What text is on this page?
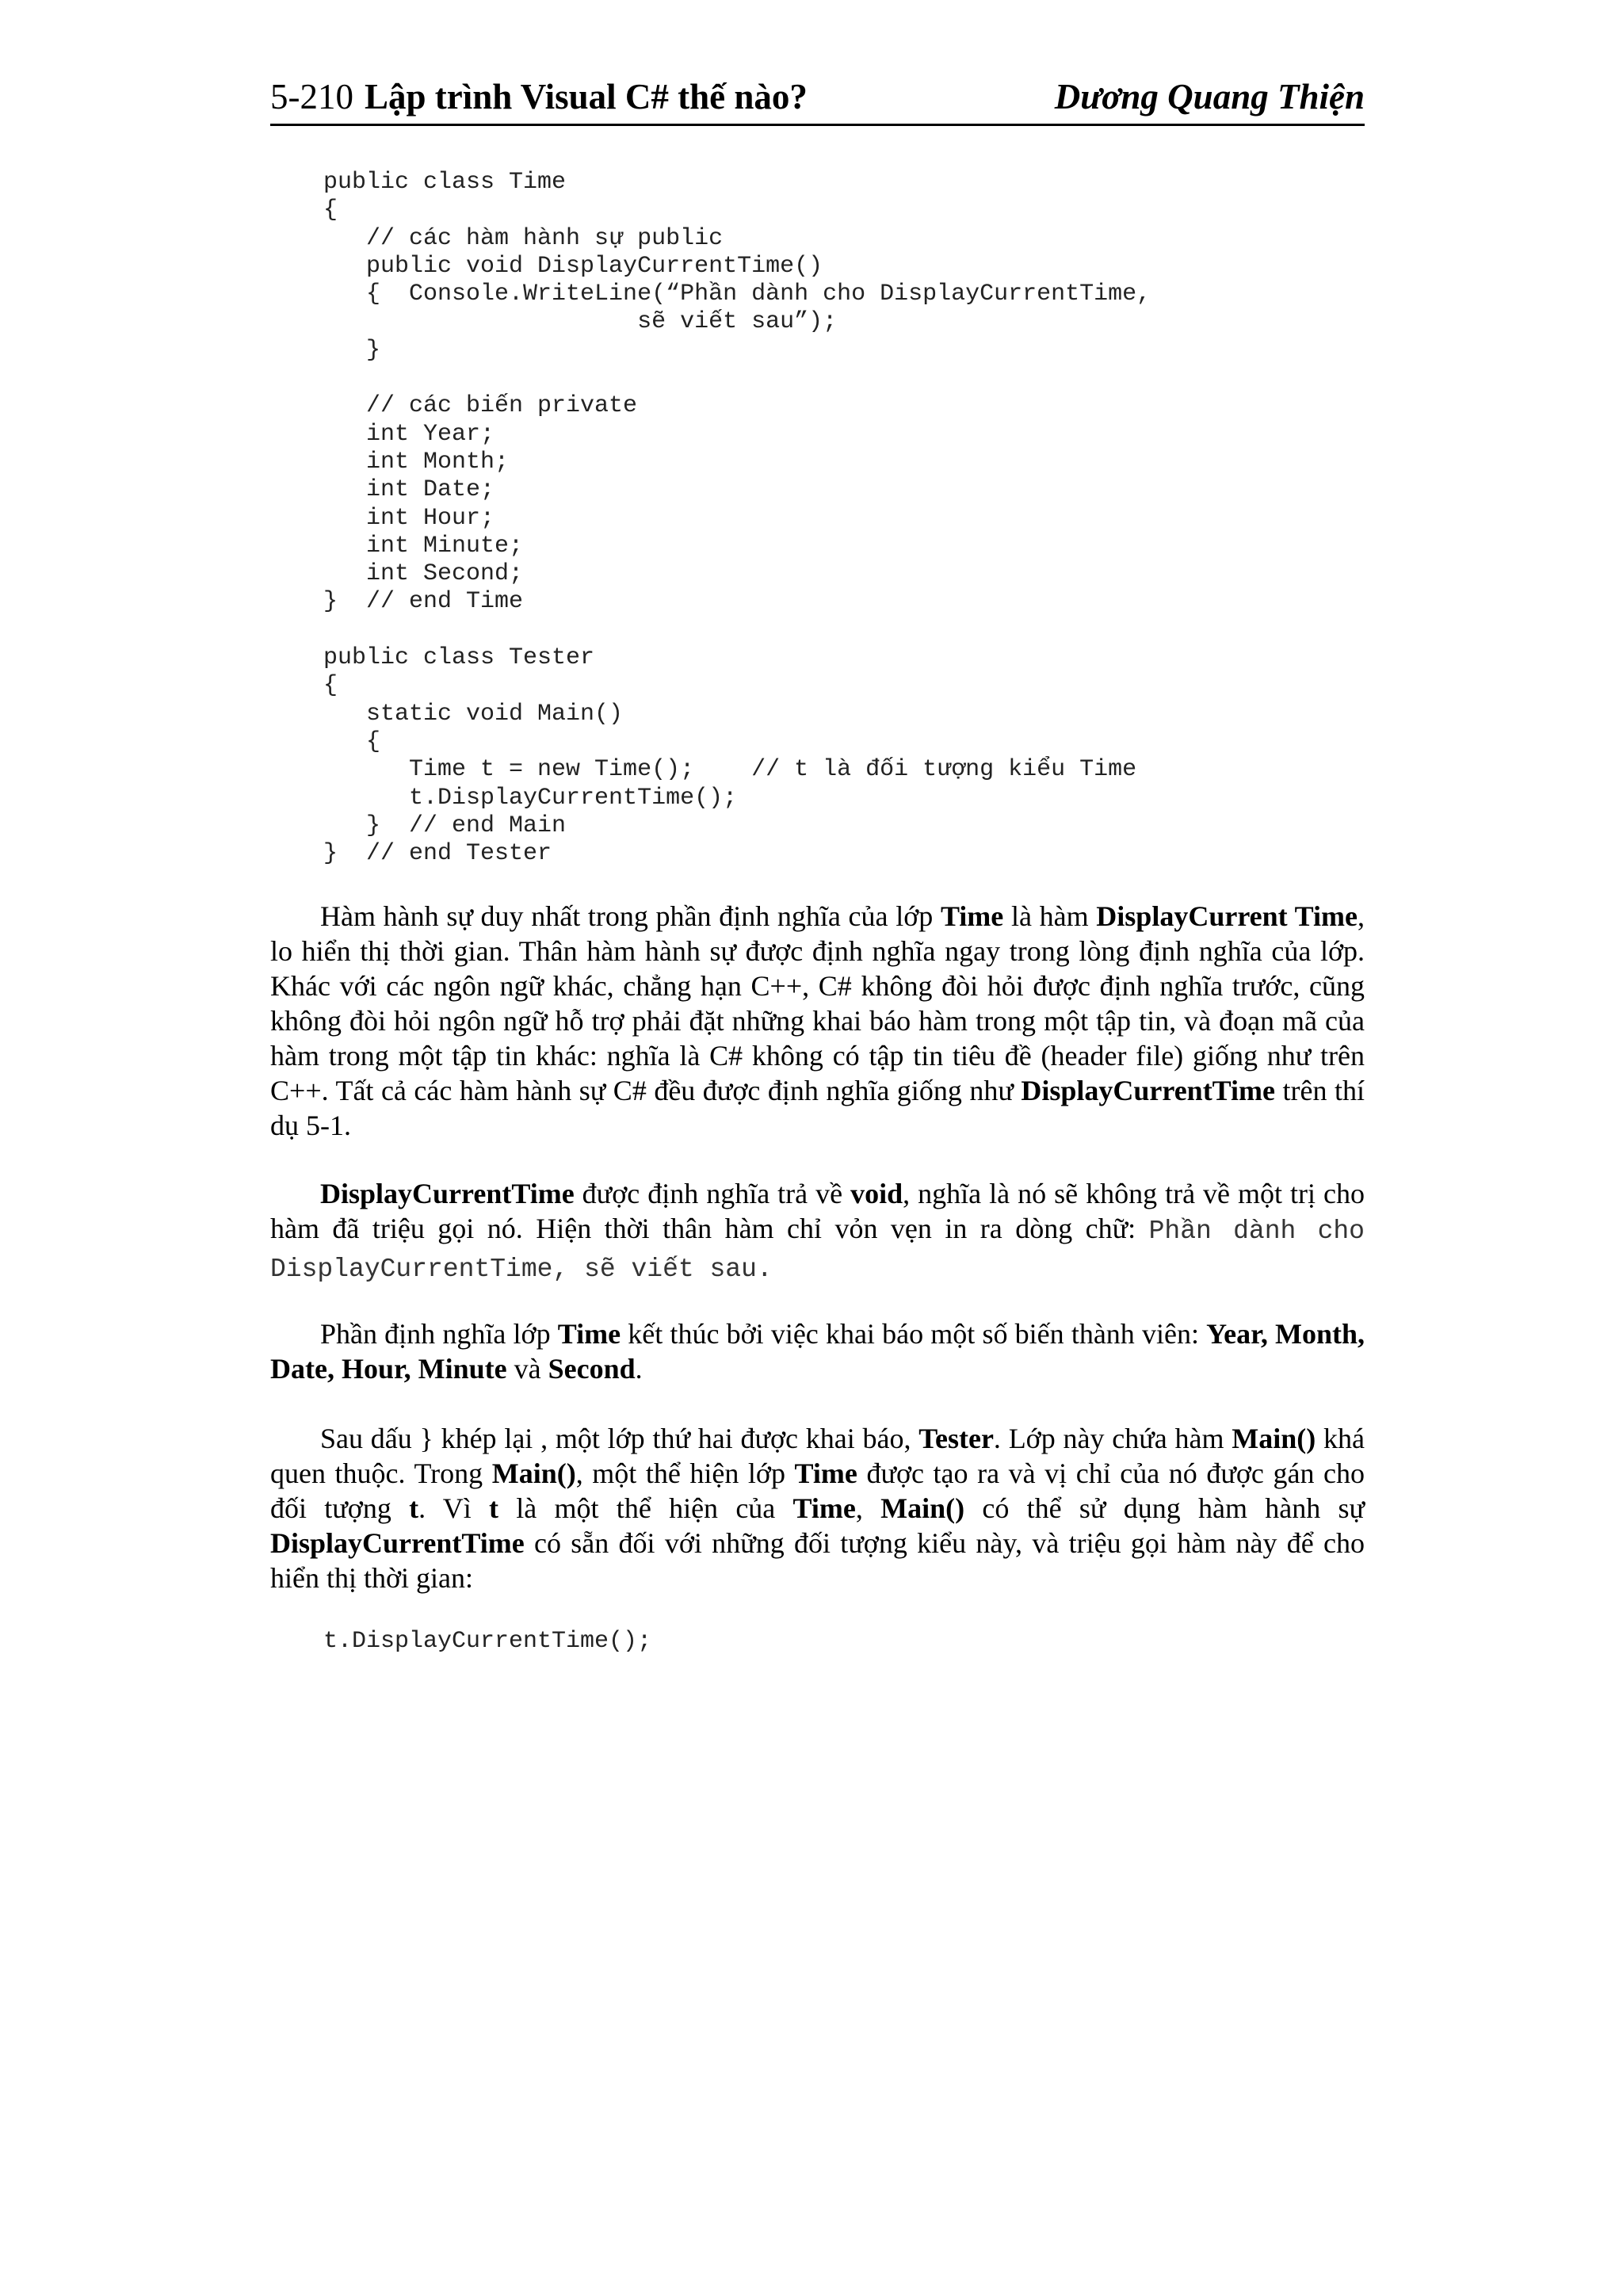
5-210 Lập trình Visual C# thế nào?	Dương Quang Thiện
public class Time
{
// các hàm hành sự public
public void DisplayCurrentTime()
{  Console.WriteLine(“Phần dành cho DisplayCurrentTime,
sẽ viết sau”);
}
// các biến private
int Year;
int Month;
int Date;
int Hour;
int Minute;
int Second;
}  // end Time
public class Tester
{
static void Main()
{
Time t = new Time();    // t là đối tượng kiểu Time
t.DisplayCurrentTime();
}  // end Main
}  // end Tester
Hàm hành sự duy nhất trong phần định nghĩa của lớp Time là hàm DisplayCurrent Time, lo hiển thị thời gian. Thân hàm hành sự được định nghĩa ngay trong lòng định nghĩa của lớp. Khác với các ngôn ngữ khác, chẳng hạn C++, C# không đòi hỏi được định nghĩa trước, cũng không đòi hỏi ngôn ngữ hỗ trợ phải đặt những khai báo hàm trong một tập tin, và đoạn mã của hàm trong một tập tin khác: nghĩa là C# không có tập tin tiêu đề (header file) giống như trên C++. Tất cả các hàm hành sự C# đều được định nghĩa giống như DisplayCurrentTime trên thí dụ 5-1.
DisplayCurrentTime được định nghĩa trả về void, nghĩa là nó sẽ không trả về một trị cho hàm đã triệu gọi nó. Hiện thời thân hàm chỉ vỏn vẹn in ra dòng chữ: Phần dành cho DisplayCurrentTime, sẽ viết sau.
Phần định nghĩa lớp Time kết thúc bởi việc khai báo một số biến thành viên: Year, Month, Date, Hour, Minute và Second.
Sau dấu } khép lại , một lớp thứ hai được khai báo, Tester. Lớp này chứa hàm Main() khá quen thuộc. Trong Main(), một thể hiện lớp Time được tạo ra và vị chỉ của nó được gán cho đối tượng t. Vì t là một thể hiện của Time, Main() có thể sử dụng hàm hành sự DisplayCurrentTime có sẵn đối với những đối tượng kiểu này, và triệu gọi hàm này để cho hiển thị thời gian:
t.DisplayCurrentTime();
